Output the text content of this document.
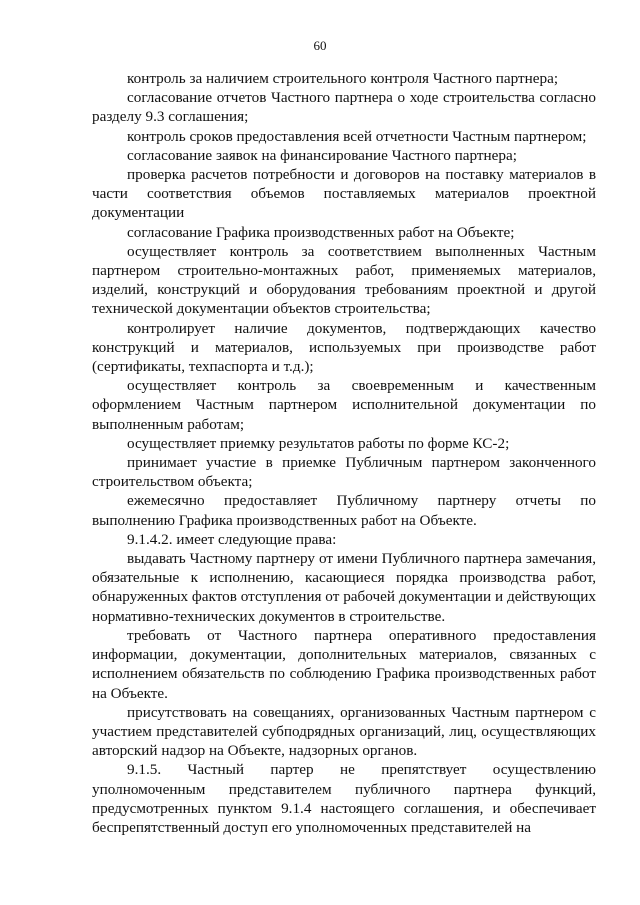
60

контроль за наличием строительного контроля Частного партнера;

согласование отчетов Частного партнера о ходе строительства согласно разделу 9.3 соглашения;

контроль сроков предоставления всей отчетности Частным партнером;

согласование заявок на финансирование Частного партнера;

проверка расчетов потребности и договоров на поставку материалов в части соответствия объемов поставляемых материалов проектной документации

согласование Графика производственных работ на Объекте;

осуществляет контроль за соответствием выполненных Частным партнером строительно-монтажных работ, применяемых материалов, изделий, конструкций и оборудования требованиям проектной и другой технической документации объектов строительства;

контролирует наличие документов, подтверждающих качество конструкций и материалов, используемых при производстве работ (сертификаты, техпаспорта и т.д.);

осуществляет контроль за своевременным и качественным оформлением Частным партнером исполнительной документации по выполненным работам;

осуществляет приемку результатов работы по форме КС-2;

принимает участие в приемке Публичным партнером законченного строительством объекта;

ежемесячно предоставляет Публичному партнеру отчеты по выполнению Графика производственных работ на Объекте.

9.1.4.2. имеет следующие права:

выдавать Частному партнеру от имени Публичного партнера замечания, обязательные к исполнению, касающиеся порядка производства работ, обнаруженных фактов отступления от рабочей документации и действующих нормативно-технических документов в строительстве.

требовать от Частного партнера оперативного предоставления информации, документации, дополнительных материалов, связанных с исполнением обязательств по соблюдению Графика производственных работ на Объекте.

присутствовать на совещаниях, организованных Частным партнером с участием представителей субподрядных организаций, лиц, осуществляющих авторский надзор на Объекте, надзорных органов.

9.1.5. Частный партер не препятствует осуществлению уполномоченным представителем публичного партнера функций, предусмотренных пунктом 9.1.4 настоящего соглашения, и обеспечивает беспрепятственный доступ его уполномоченных представителей на
